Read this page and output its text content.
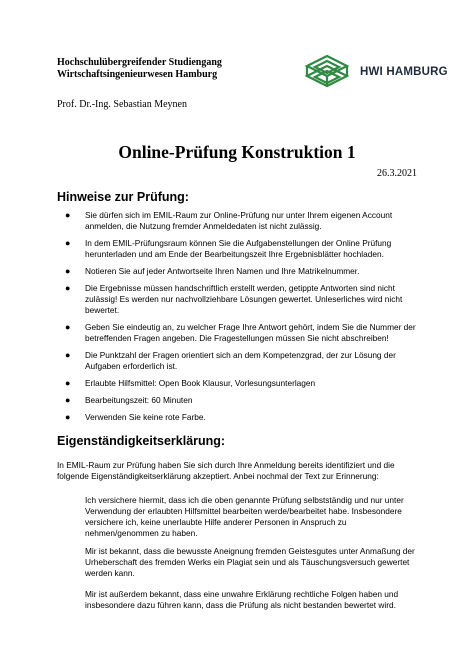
Hochschulübergreifender Studiengang
Wirtschaftsingenieurwesen Hamburg	HWI HAMBURG
Prof. Dr.-Ing. Sebastian Meynen
Online-Prüfung Konstruktion 1
26.3.2021
Hinweise zur Prüfung:
● Sie dürfen sich im EMIL-Raum zur Online-Prüfung nur unter Ihrem eigenen Account anmelden, die Nutzung fremder Anmeldedaten ist nicht zulässig.
● In dem EMIL-Prüfungsraum können Sie die Aufgabenstellungen der Online Prüfung herunterladen und am Ende der Bearbeitungszeit Ihre Ergebnisblätter hochladen.
● Notieren Sie auf jeder Antwortseite Ihren Namen und Ihre Matrikelnummer.
● Die Ergebnisse müssen handschriftlich erstellt werden, getippte Antworten sind nicht zulässig! Es werden nur nachvollziehbare Lösungen gewertet. Unleserliches wird nicht bewertet.
● Geben Sie eindeutig an, zu welcher Frage Ihre Antwort gehört, indem Sie die Nummer der betreffenden Fragen angeben. Die Fragestellungen müssen Sie nicht abschreiben!
● Die Punktzahl der Fragen orientiert sich an dem Kompetenzgrad, der zur Lösung der Aufgaben erforderlich ist.
● Erlaubte Hilfsmittel: Open Book Klausur, Vorlesungsunterlagen
● Bearbeitungszeit: 60 Minuten
● Verwenden Sie keine rote Farbe.
Eigenständigkeitserklärung:
In EMIL-Raum zur Prüfung haben Sie sich durch Ihre Anmeldung bereits identifiziert und die folgende Eigenständigkeitserklärung akzeptiert. Anbei nochmal der Text zur Erinnerung:
Ich versichere hiermit, dass ich die oben genannte Prüfung selbstständig und nur unter Verwendung der erlaubten Hilfsmittel bearbeiten werde/bearbeitet habe. Insbesondere versichere ich, keine unerlaubte Hilfe anderer Personen in Anspruch zu nehmen/genommen zu haben.
Mir ist bekannt, dass die bewusste Aneignung fremden Geistesgutes unter Anmaßung der Urheberschaft des fremden Werks ein Plagiat sein und als Täuschungsversuch gewertet werden kann.
Mir ist außerdem bekannt, dass eine unwahre Erklärung rechtliche Folgen haben und insbesondere dazu führen kann, dass die Prüfung als nicht bestanden bewertet wird.
